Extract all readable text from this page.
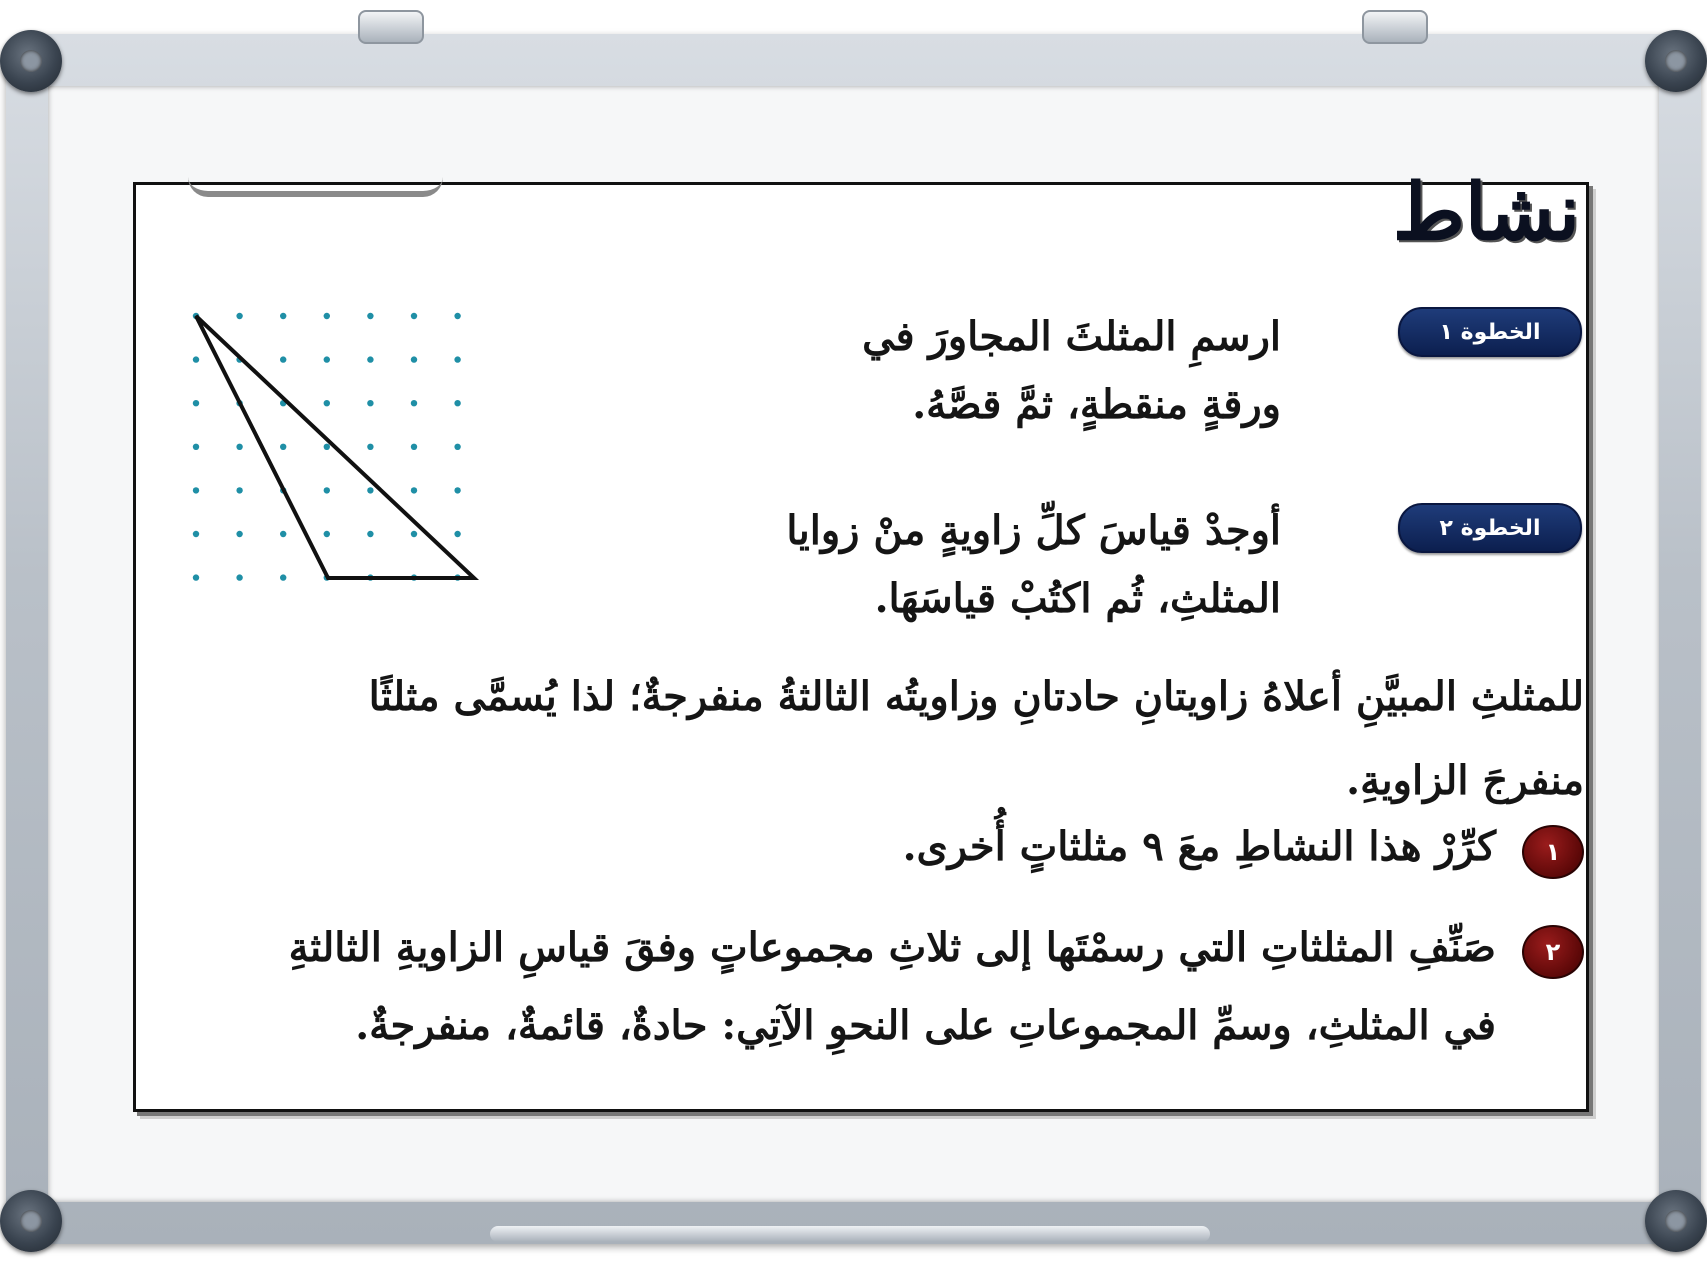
نشاط
الخطوة ١
ارسمِ المثلثَ المجاورَ في
ورقةٍ منقطةٍ، ثمَّ قصَّهُ.
الخطوة ٢
أوجدْ قياسَ كلِّ زاويةٍ منْ زوايا
المثلثِ، ثُم اكتُبْ قياسَهَا.
للمثلثِ المبيَّنِ أعلاهُ زاويتانِ حادتانِ وزاويتُه الثالثةُ منفرجةٌ؛ لذا يُسمَّى مثلثًا
منفرجَ الزاويةِ.
١
كرِّرْ هذا النشاطِ معَ ٩ مثلثاتٍ أُخرى.
٢
صَنِّفِ المثلثاتِ التي رسمْتَها إلى ثلاثِ مجموعاتٍ وفقَ قياسِ الزاويةِ الثالثةِ
في المثلثِ، وسمِّ المجموعاتِ على النحوِ الآتِي: حادةٌ، قائمةٌ، منفرجةٌ.
